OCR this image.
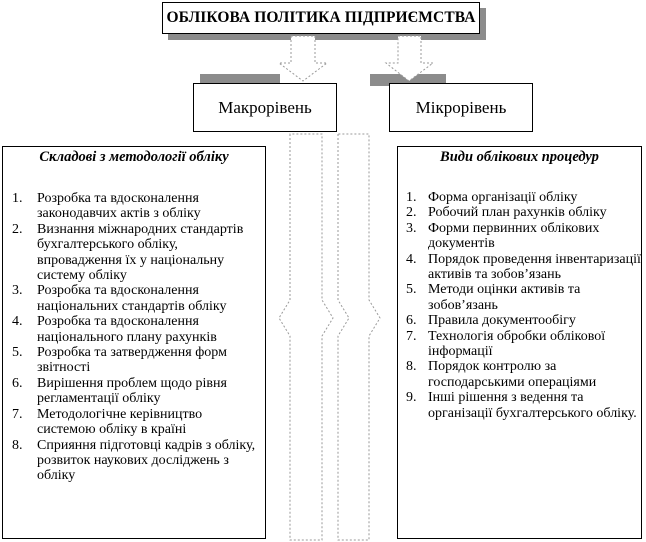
ОБЛІКОВА ПОЛІТИКА ПІДПРИЄМСТВА
Макрорівень	Мікрорівень
Складові з методології обліку
1.	Розробка та вдосконалення законодавчих актів з обліку
2.	Визнання міжнародних стандартів бухгалтерського обліку, впровадження їх у національну систему обліку
3.	Розробка та вдосконалення національних стандартів обліку
4.	Розробка та вдосконалення національного плану рахунків
5.	Розробка та затвердження форм звітності
6.	Вирішення проблем щодо рівня регламентації обліку
7.	Методологічне керівництво системою обліку в країні
8.	Сприяння підготовці кадрів з обліку, розвиток наукових досліджень з обліку
Види облікових процедур
1. Форма організації обліку
2. Робочий план рахунків обліку
3. Форми первинних облікових документів
4. Порядок проведення інвентаризації активів та зобов’язань
5. Методи оцінки активів та зобов’язань
6. Правила документообігу
7. Технологія обробки облікової інформації
8. Порядок контролю за господарськими операціями
9. Інші рішення з ведення та організації бухгалтерського обліку.
